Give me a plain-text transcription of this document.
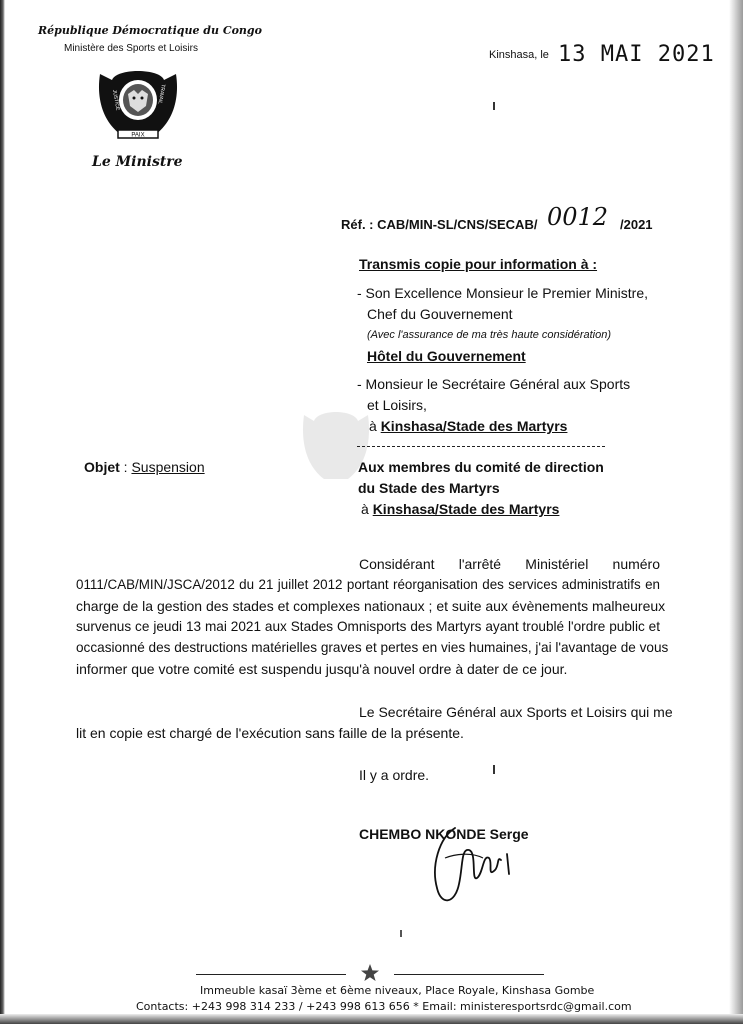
République Démocratique du Congo
Ministère des Sports et Loisirs
PAIX
JUSTICE	TRAVAIL
Le Ministre
Kinshasa, le 13 MAI 2021
Réf. : CAB/MIN-SL/CNS/SECAB/ 0012 /2021
Transmis copie pour information à :
- Son Excellence Monsieur le Premier Ministre,
Chef du Gouvernement
(Avec l'assurance de ma très haute considération)
Hôtel du Gouvernement
- Monsieur le Secrétaire Général aux Sports
et Loisirs,
à Kinshasa/Stade des Martyrs
Objet : Suspension	Aux membres du comité de direction
du Stade des Martyrs
à Kinshasa/Stade des Martyrs
Considérant l'arrêté Ministériel numéro
0111/CAB/MIN/JSCA/2012 du 21 juillet 2012 portant réorganisation des services administratifs en
charge de la gestion des stades et complexes nationaux ; et suite aux évènements malheureux
survenus ce jeudi 13 mai 2021 aux Stades Omnisports des Martyrs ayant troublé l'ordre public et
occasionné des destructions matérielles graves et pertes en vies humaines, j'ai l'avantage de vous
informer que votre comité est suspendu jusqu'à nouvel ordre à dater de ce jour.
Le Secrétaire Général aux Sports et Loisirs qui me
lit en copie est chargé de l'exécution sans faille de la présente.
Il y a ordre.
CHEMBO NKONDE Serge
Immeuble kasaï 3ème et 6ème niveaux, Place Royale, Kinshasa Gombe
Contacts: +243 998 314 233 / +243 998 613 656 * Email: ministeresportsrdc@gmail.com
